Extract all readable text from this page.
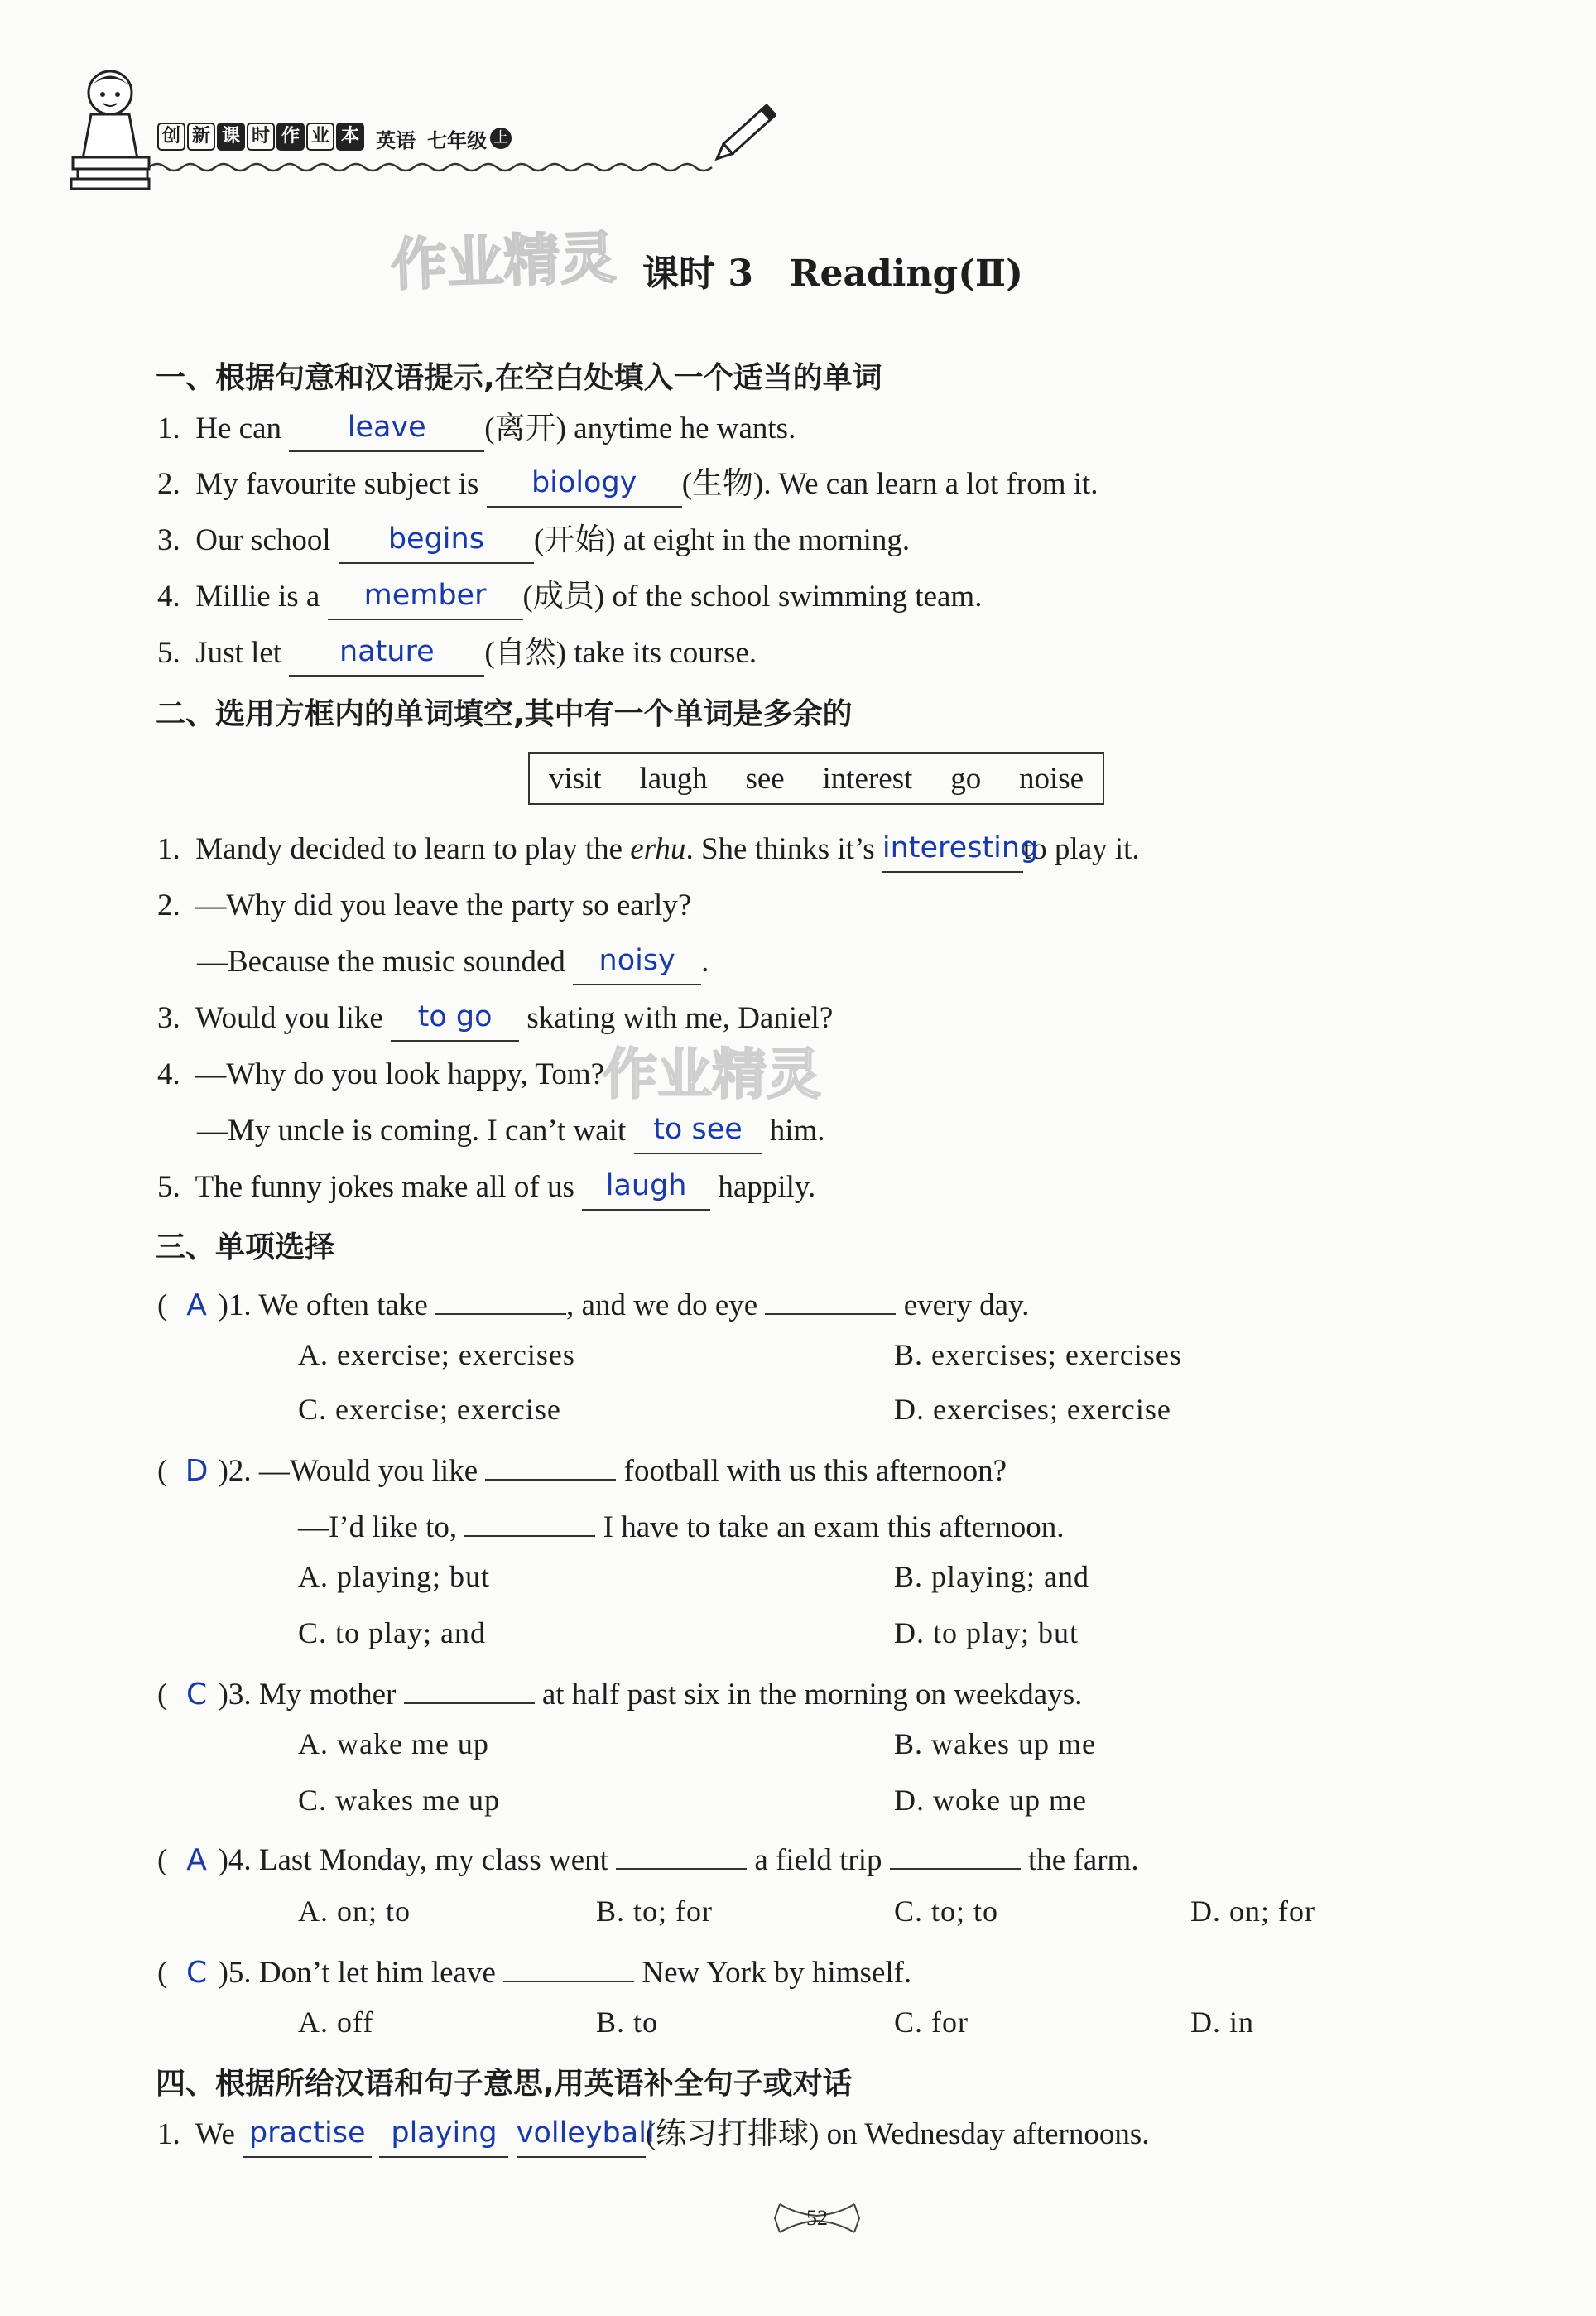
创 新 课 时 作 业 本 英语 七年级 上
作业精灵 课时 3　Reading(Ⅱ)
一、根据句意和汉语提示,在空白处填入一个适当的单词
1. He can leave (离开) anytime he wants.
2. My favourite subject is biology (生物). We can learn a lot from it.
3. Our school begins (开始) at eight in the morning.
4. Millie is a member (成员) of the school swimming team.
5. Just let nature (自然) take its course.
二、选用方框内的单词填空,其中有一个单词是多余的
visit laugh see interest go noise
1. Mandy decided to learn to play the erhu. She thinks it’s interestingto play it.
2. —Why did you leave the party so early?
—Because the music sounded noisy .
3. Would you like to go skating with me, Daniel?
4. —Why do you look happy, Tom?
作业精灵
—My uncle is coming. I can’t wait to see him.
5. The funny jokes make all of us laugh happily.
三、单项选择
( A )1. We often take	, and we do eye	every day.
A. exercise; exercises	B. exercises; exercises
C. exercise; exercise	D. exercises; exercise
( D )2. —Would you like	football with us this afternoon?
—I’d like to,	I have to take an exam this afternoon.
A. playing; but	B. playing; and
C. to play; and	D. to play; but
( C )3. My mother	at half past six in the morning on weekdays.
A. wake me up	B. wakes up me
C. wakes me up	D. woke up me
( A )4. Last Monday, my class went	a field trip	the farm.
A. on; to	B. to; for	C. to; to	D. on; for
( C )5. Don’t let him leave	New York by himself.
A. off	B. to	C. for	D. in
四、根据所给汉语和句子意思,用英语补全句子或对话
1. We practise playing volleyball(练习打排球) on Wednesday afternoons.
52
